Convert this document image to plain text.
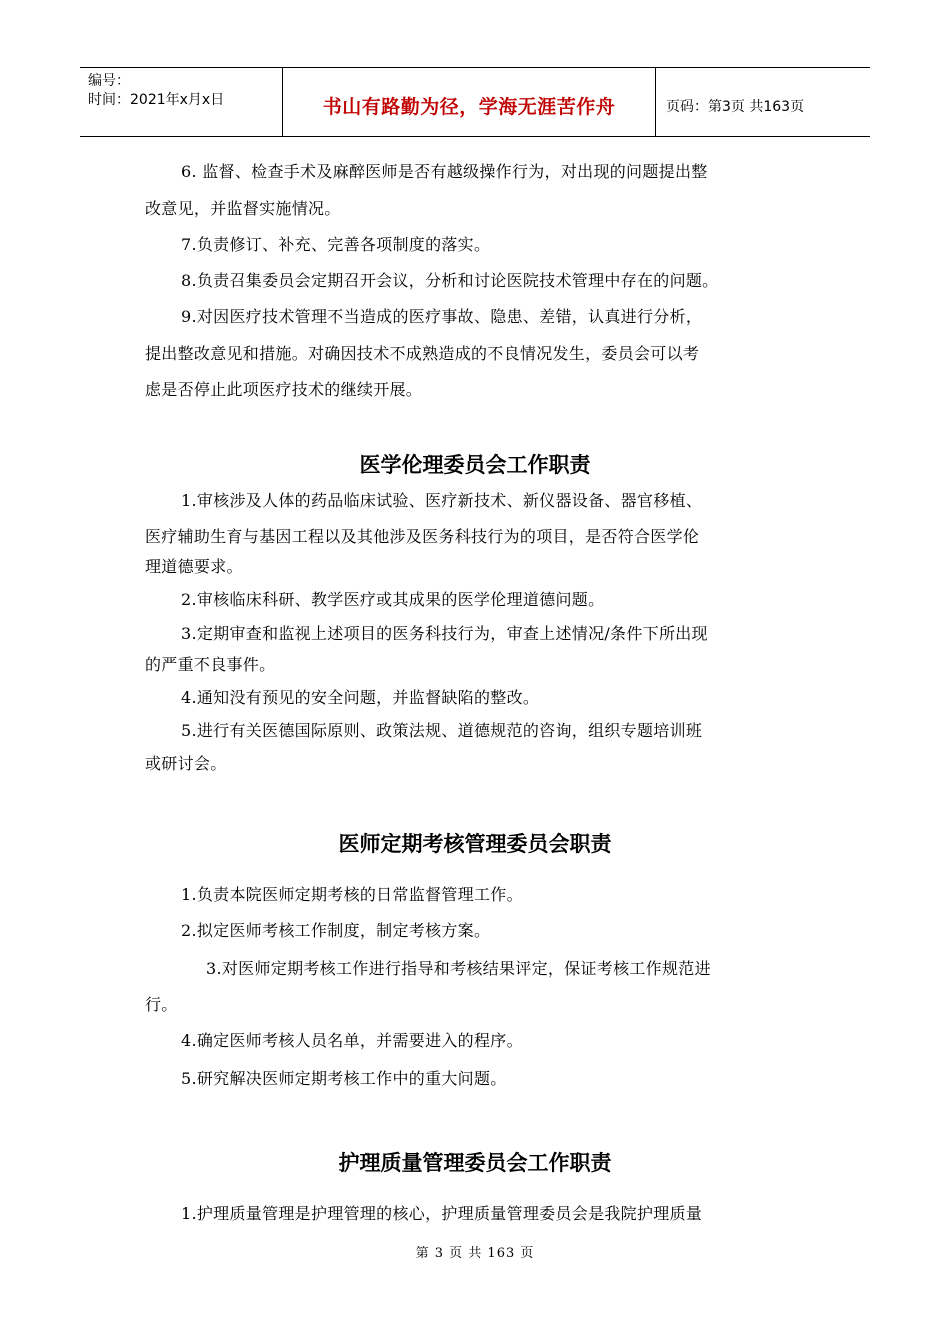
编号：
时间：2021年x月x日	书山有路勤为径，学海无涯苦作舟	页码：第3页 共163页
6. 监督、检查手术及麻醉医师是否有越级操作行为，对出现的问题提出整
改意见，并监督实施情况。
7.负责修订、补充、完善各项制度的落实。
8.负责召集委员会定期召开会议，分析和讨论医院技术管理中存在的问题。
9.对因医疗技术管理不当造成的医疗事故、隐患、差错，认真进行分析，
提出整改意见和措施。对确因技术不成熟造成的不良情况发生，委员会可以考
虑是否停止此项医疗技术的继续开展。
医学伦理委员会工作职责
1.审核涉及人体的药品临床试验、医疗新技术、新仪器设备、器官移植、
医疗辅助生育与基因工程以及其他涉及医务科技行为的项目，是否符合医学伦
理道德要求。
2.审核临床科研、教学医疗或其成果的医学伦理道德问题。
3.定期审查和监视上述项目的医务科技行为，审查上述情况/条件下所出现
的严重不良事件。
4.通知没有预见的安全问题，并监督缺陷的整改。
5.进行有关医德国际原则、政策法规、道德规范的咨询，组织专题培训班
或研讨会。
医师定期考核管理委员会职责
1.负责本院医师定期考核的日常监督管理工作。
2.拟定医师考核工作制度，制定考核方案。
3.对医师定期考核工作进行指导和考核结果评定，保证考核工作规范进
行。
4.确定医师考核人员名单，并需要进入的程序。
5.研究解决医师定期考核工作中的重大问题。
护理质量管理委员会工作职责
1.护理质量管理是护理管理的核心，护理质量管理委员会是我院护理质量
第 3 页 共 163 页
